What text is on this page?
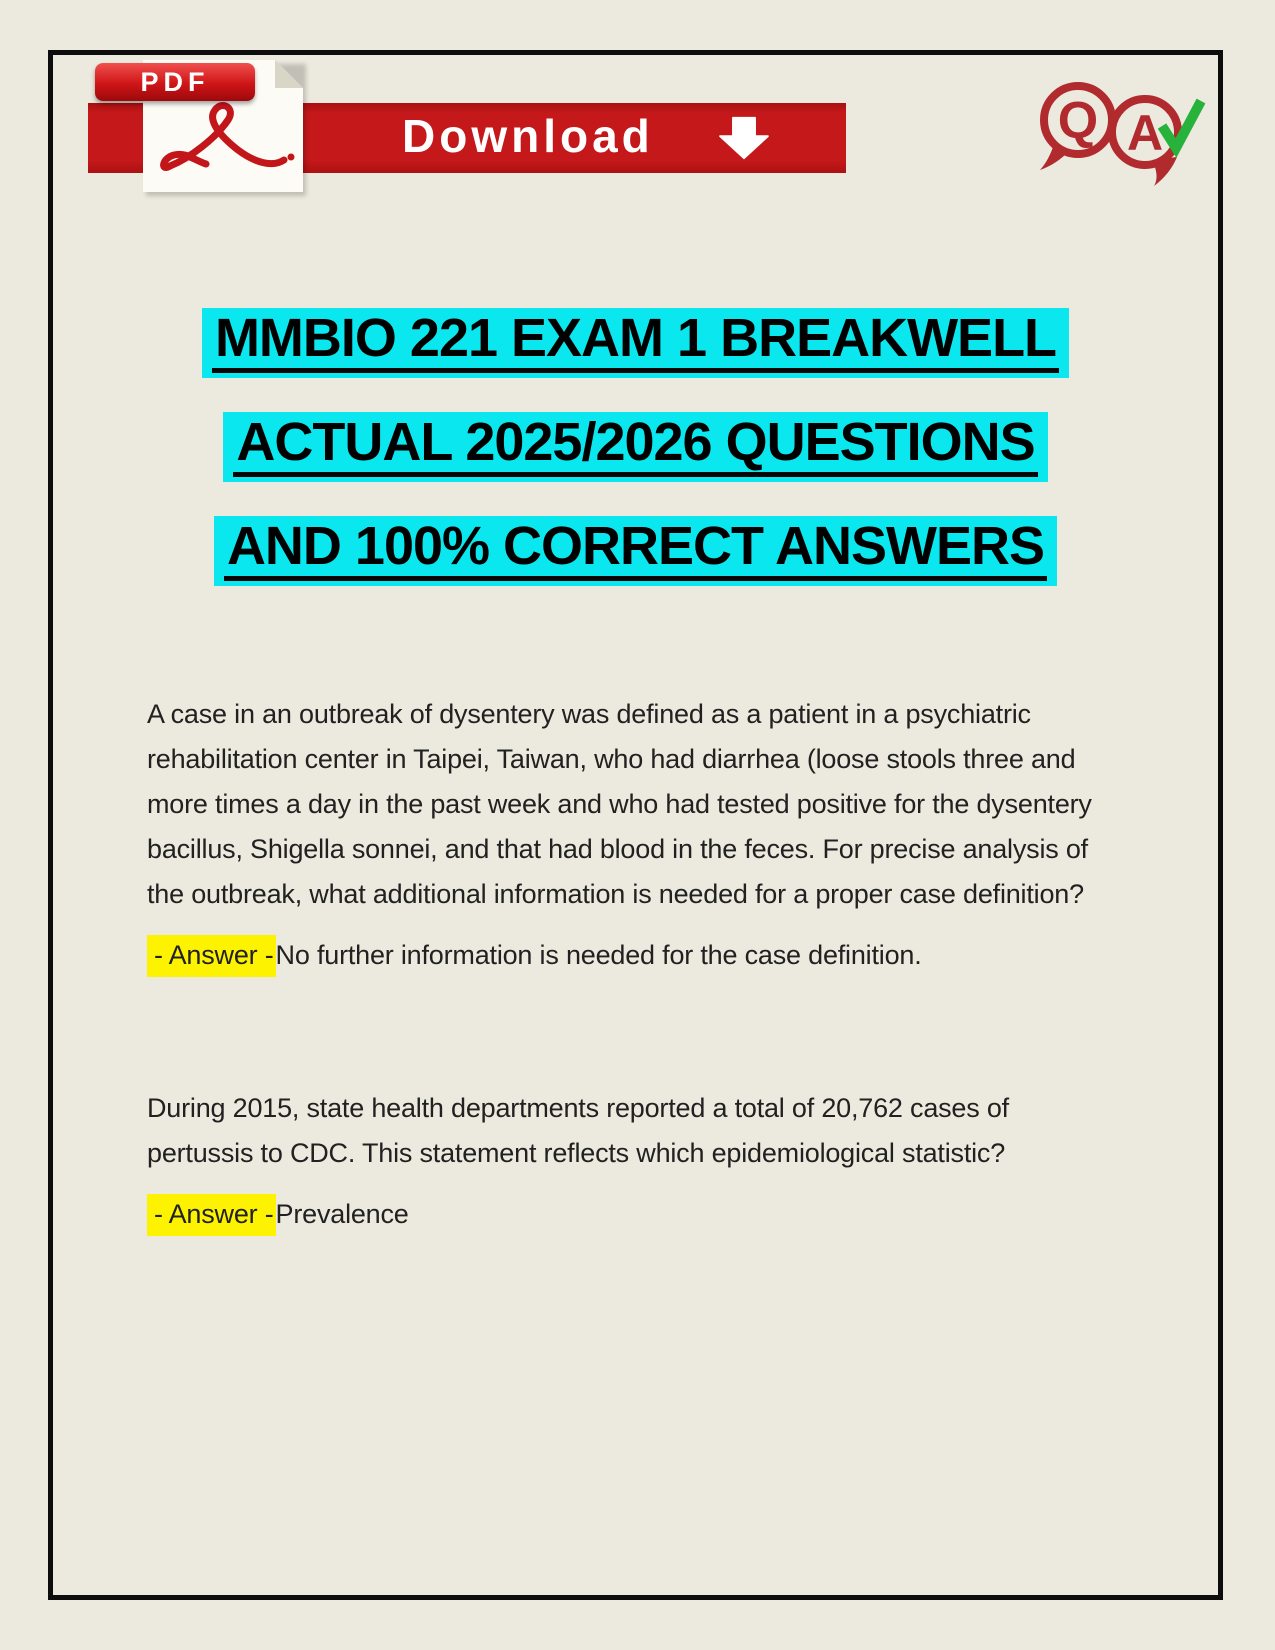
Download
PDF
Q A
MMBIO 221 EXAM 1 BREAKWELL
ACTUAL 2025/2026 QUESTIONS
AND 100% CORRECT ANSWERS

A case in an outbreak of dysentery was defined as a patient in a psychiatric rehabilitation center in Taipei, Taiwan, who had diarrhea (loose stools three and more times a day in the past week and who had tested positive for the dysentery bacillus, Shigella sonnei, and that had blood in the feces. For precise analysis of the outbreak, what additional information is needed for a proper case definition?

- Answer -No further information is needed for the case definition.

During 2015, state health departments reported a total of 20,762 cases of pertussis to CDC. This statement reflects which epidemiological statistic?

- Answer -Prevalence
